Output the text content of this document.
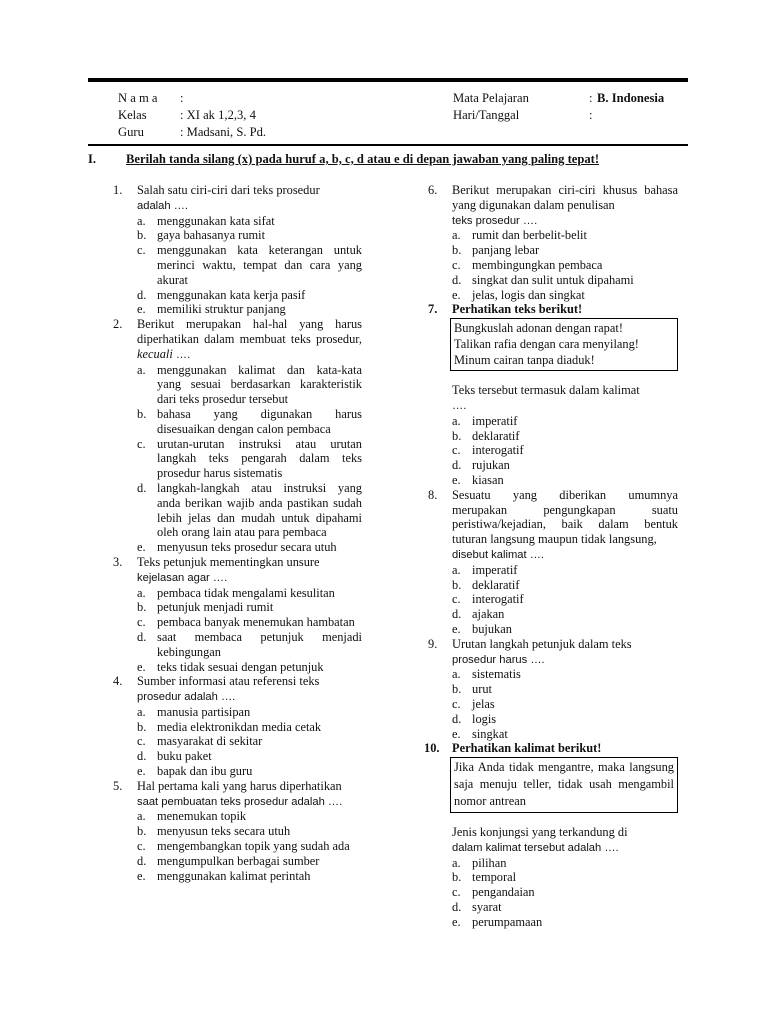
N a m a :
Kelas	: XI ak 1,2,3, 4
Guru	: Madsani, S. Pd.
Mata Pelajaran	: B. Indonesia
Hari/Tanggal	:
I. Berilah tanda silang (x) pada huruf a, b, c, d atau e di depan jawaban yang paling tepat!
1. Salah satu ciri-ciri dari teks prosedur
adalah ….
a. menggunakan kata sifat
b. gaya bahasanya rumit
c. menggunakan kata keterangan untuk merinci waktu, tempat dan cara yang akurat
d. menggunakan kata kerja pasif
e. memiliki struktur panjang
2. Berikut merupakan hal-hal yang harus diperhatikan dalam membuat teks prosedur, kecuali ….
a. menggunakan kalimat dan kata-kata yang sesuai berdasarkan karakteristik dari teks prosedur tersebut
b. bahasa yang digunakan harus disesuaikan dengan calon pembaca
c. urutan-urutan instruksi atau urutan langkah teks pengarah dalam teks prosedur harus sistematis
d. langkah-langkah atau instruksi yang anda berikan wajib anda pastikan sudah lebih jelas dan mudah untuk dipahami oleh orang lain atau para pembaca
e. menyusun teks prosedur secara utuh
3. Teks petunjuk mementingkan unsure
kejelasan agar ….
a. pembaca tidak mengalami kesulitan
b. petunjuk menjadi rumit
c. pembaca banyak menemukan hambatan
d. saat membaca petunjuk menjadi kebingungan
e. teks tidak sesuai dengan petunjuk
4. Sumber informasi atau referensi teks
prosedur adalah ….
a. manusia partisipan
b. media elektronikdan media cetak
c. masyarakat di sekitar
d. buku paket
e. bapak dan ibu guru
5. Hal pertama kali yang harus diperhatikan
saat pembuatan teks prosedur adalah ….
a. menemukan topik
b. menyusun teks secara utuh
c. mengembangkan topik yang sudah ada
d. mengumpulkan berbagai sumber
e. menggunakan kalimat perintah
6. Berikut merupakan ciri-ciri khusus bahasa yang digunakan dalam penulisan
teks prosedur ….
a. rumit dan berbelit-belit
b. panjang lebar
c. membingungkan pembaca
d. singkat dan sulit untuk dipahami
e. jelas, logis dan singkat
7. Perhatikan teks berikut!
Bungkuslah adonan dengan rapat!
Talikan rafia dengan cara menyilang!
Minum cairan tanpa diaduk!
Teks tersebut termasuk dalam kalimat
….
a. imperatif
b. deklaratif
c. interogatif
d. rujukan
e. kiasan
8. Sesuatu yang diberikan umumnya merupakan pengungkapan suatu peristiwa/kejadian, baik dalam bentuk tuturan langsung maupun tidak langsung,
disebut kalimat ….
a. imperatif
b. deklaratif
c. interogatif
d. ajakan
e. bujukan
9. Urutan langkah petunjuk dalam teks
prosedur harus ….
a. sistematis
b. urut
c. jelas
d. logis
e. singkat
10. Perhatikan kalimat berikut!
Jika Anda tidak mengantre, maka langsung saja menuju teller, tidak usah mengambil nomor antrean
Jenis konjungsi yang terkandung di
dalam kalimat tersebut adalah ….
a. pilihan
b. temporal
c. pengandaian
d. syarat
e. perumpamaan
